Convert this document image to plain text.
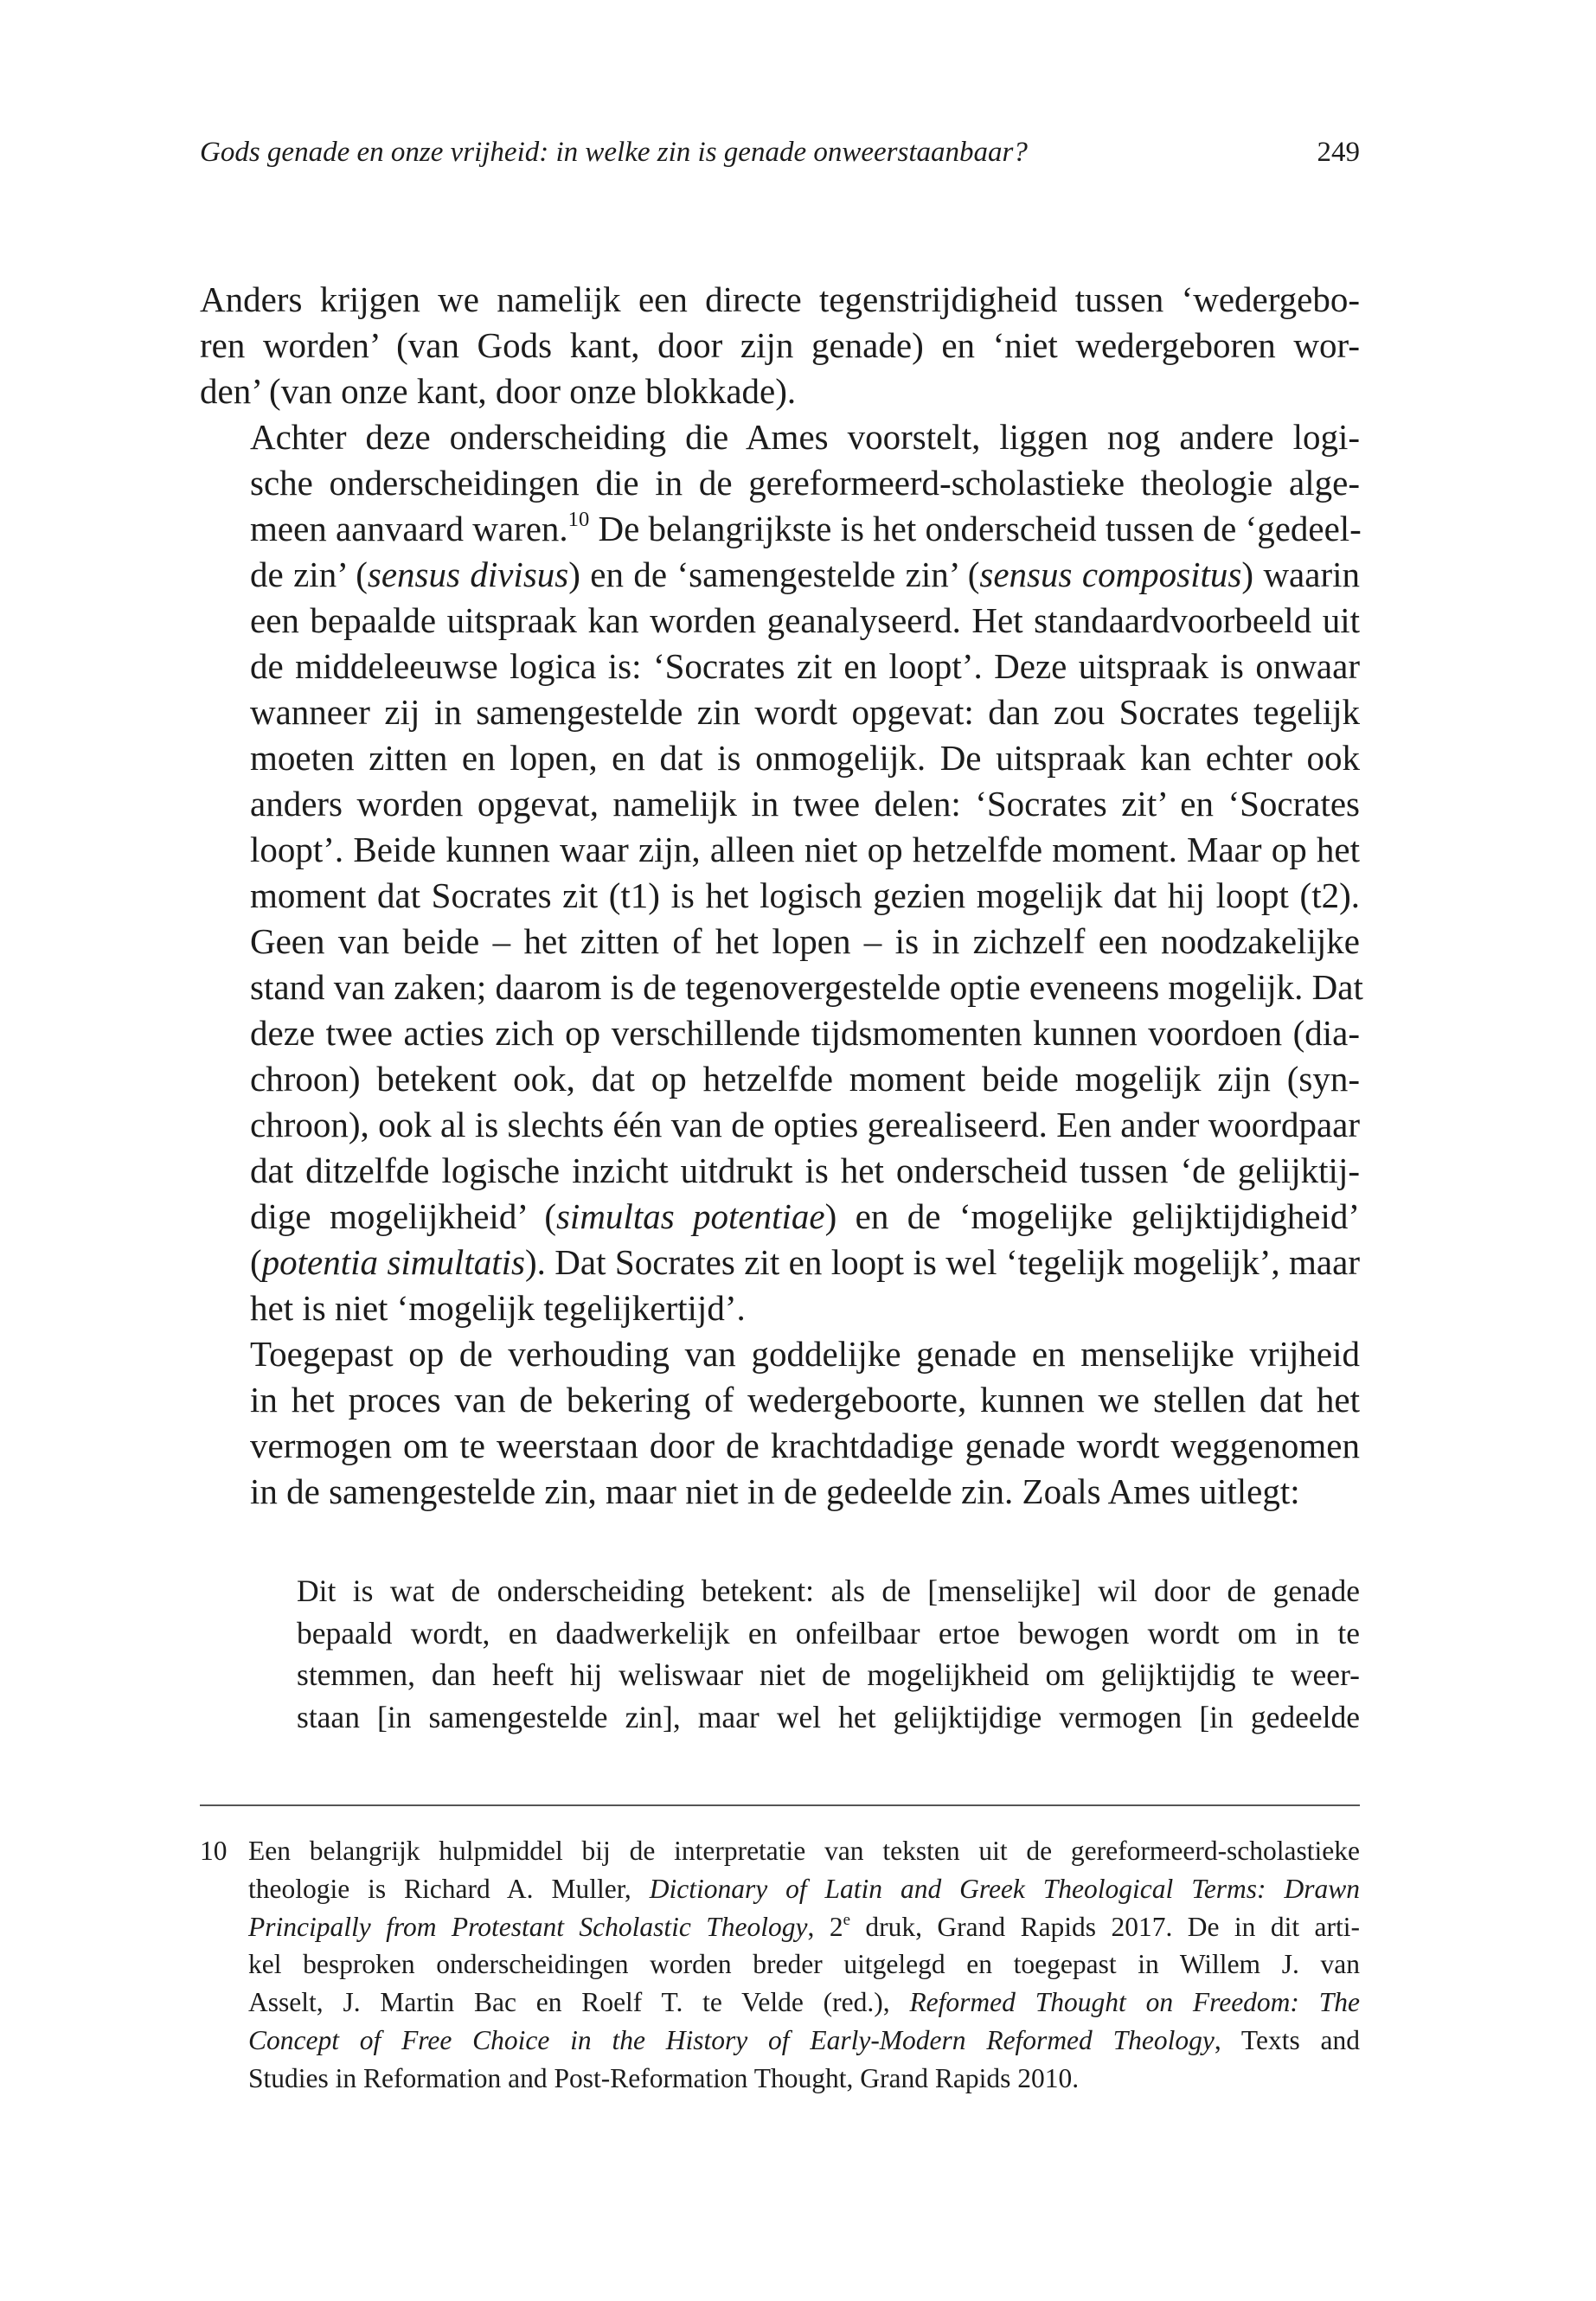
Gods genade en onze vrijheid: in welke zin is genade onweerstaanbaar?	249

Anders krijgen we namelijk een directe tegenstrijdigheid tussen ‘wedergebo-
ren worden’ (van Gods kant, door zijn genade) en ‘niet wedergeboren wor-
den’ (van onze kant, door onze blokkade).

Achter deze onderscheiding die Ames voorstelt, liggen nog andere logi-
sche onderscheidingen die in de gereformeerd-scholastieke theologie alge-
meen aanvaard waren.$^{10}$ De belangrijkste is het onderscheid tussen de ‘gedeel-
de zin’ (sensus divisus) en de ‘samengestelde zin’ (sensus compositus) waarin
een bepaalde uitspraak kan worden geanalyseerd. Het standaardvoorbeeld uit
de middeleeuwse logica is: ‘Socrates zit en loopt’. Deze uitspraak is onwaar
wanneer zij in samengestelde zin wordt opgevat: dan zou Socrates tegelijk
moeten zitten en lopen, en dat is onmogelijk. De uitspraak kan echter ook
anders worden opgevat, namelijk in twee delen: ‘Socrates zit’ en ‘Socrates
loopt’. Beide kunnen waar zijn, alleen niet op hetzelfde moment. Maar op het
moment dat Socrates zit (t1) is het logisch gezien mogelijk dat hij loopt (t2).
Geen van beide – het zitten of het lopen – is in zichzelf een noodzakelijke
stand van zaken; daarom is de tegenovergestelde optie eveneens mogelijk. Dat
deze twee acties zich op verschillende tijdsmomenten kunnen voordoen (dia-
chroon) betekent ook, dat op hetzelfde moment beide mogelijk zijn (syn-
chroon), ook al is slechts één van de opties gerealiseerd. Een ander woordpaar
dat ditzelfde logische inzicht uitdrukt is het onderscheid tussen ‘de gelijktij-
dige mogelijkheid’ (simultas potentiae) en de ‘mogelijke gelijktijdigheid’
(potentia simultatis). Dat Socrates zit en loopt is wel ‘tegelijk mogelijk’, maar
het is niet ‘mogelijk tegelijkertijd’.

Toegepast op de verhouding van goddelijke genade en menselijke vrijheid
in het proces van de bekering of wedergeboorte, kunnen we stellen dat het
vermogen om te weerstaan door de krachtdadige genade wordt weggenomen
in de samengestelde zin, maar niet in de gedeelde zin. Zoals Ames uitlegt:

Dit is wat de onderscheiding betekent: als de [menselijke] wil door de genade
bepaald wordt, en daadwerkelijk en onfeilbaar ertoe bewogen wordt om in te
stemmen, dan heeft hij weliswaar niet de mogelijkheid om gelijktijdig te weer-
staan [in samengestelde zin], maar wel het gelijktijdige vermogen [in gedeelde
10 Een belangrijk hulpmiddel bij de interpretatie van teksten uit de gereformeerd-scholastieke
theologie is Richard A. Muller, Dictionary of Latin and Greek Theological Terms: Drawn
Principally from Protestant Scholastic Theology, 2e druk, Grand Rapids 2017. De in dit arti-
kel besproken onderscheidingen worden breder uitgelegd en toegepast in Willem J. van
Asselt, J. Martin Bac en Roelf T. te Velde (red.), Reformed Thought on Freedom: The
Concept of Free Choice in the History of Early-Modern Reformed Theology, Texts and
Studies in Reformation and Post-Reformation Thought, Grand Rapids 2010.
